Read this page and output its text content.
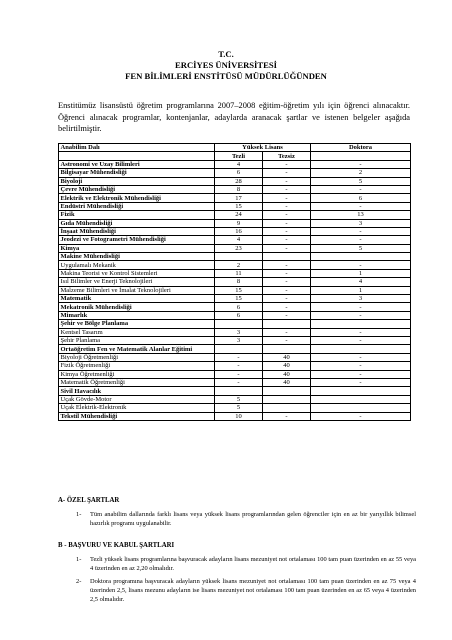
T.C.
ERCİYES ÜNİVERSİTESİ
FEN BİLİMLERİ ENSTİTÜSÜ MÜDÜRLÜĞÜNDEN
Enstitümüz lisansüstü öğretim programlarına 2007–2008 eğitim-öğretim yılı için öğrenci alınacaktır. Öğrenci alınacak programlar, kontenjanlar, adaylarda aranacak şartlar ve istenen belgeler aşağıda belirtilmiştir.
Anabilim Dalı	Yüksek Lisans		Doktora
	Tezli	Tezsiz	
Astronomi ve Uzay Bilimleri	4	-	-
Bilgisayar Mühendisliği	6	-	2
Biyoloji	28	-	5
Çevre Mühendisliği	8	-	-
Elektrik ve Elektronik Mühendisliği	17	-	6
Endüstri Mühendisliği	15	-	-
Fizik	24	-	13
Gıda Mühendisliği	9	-	3
İnşaat Mühendisliği	16	-	-
Jeodezi ve Fotogrametri Mühendisliği	4	-	-
Kimya	23	-	5
Makine Mühendisliği			
Uygulamalı Mekanik	2	-	-
Makina Teorisi ve Kontrol Sistemleri	11	-	1
Isıl Bilimler ve Enerji Teknolojileri	8	-	4
Malzeme Bilimleri ve İmalat Teknolojileri	15	-	1
Matematik	15	-	3
Mekatronik Mühendisliği	6	-	-
Mimarlık	6	-	-
Şehir ve Bölge Planlama			
Kentsel Tasarım	3	-	-
Şehir Planlama	3	-	-
Ortaöğretim Fen ve Matematik Alanlar Eğitimi			
Biyoloji Öğretmenliği	-	40	-
Fizik Öğretmenliği	-	40	-
Kimya Öğretmenliği	-	40	-
Matematik Öğretmenliği	-	40	-
Sivil Havacılık			
Uçak Gövde-Motor	5		
Uçak Elektrik-Elektronik	5		
Tekstil Mühendisliği	10	-	-
A- ÖZEL ŞARTLAR
1- Tüm anabilim dallarında farklı lisans veya yüksek lisans programlarından gelen öğrenciler için en az bir yarıyıllık bilimsel hazırlık programı uygulanabilir.
B - BAŞVURU VE KABUL ŞARTLARI
1- Tezli yüksek lisans programlarına başvuracak adayların lisans mezuniyet not ortalaması 100 tam puan üzerinden en az 55 veya 4 üzerinden en az 2,20 olmalıdır.
2- Doktora programına başvuracak adayların yüksek lisans mezuniyet not ortalaması 100 tam puan üzerinden en az 75 veya 4 üzerinden 2,5, lisans mezunu adayların ise lisans mezuniyet not ortalaması 100 tam puan üzerinden en az 65 veya 4 üzerinden 2,5 olmalıdır.
